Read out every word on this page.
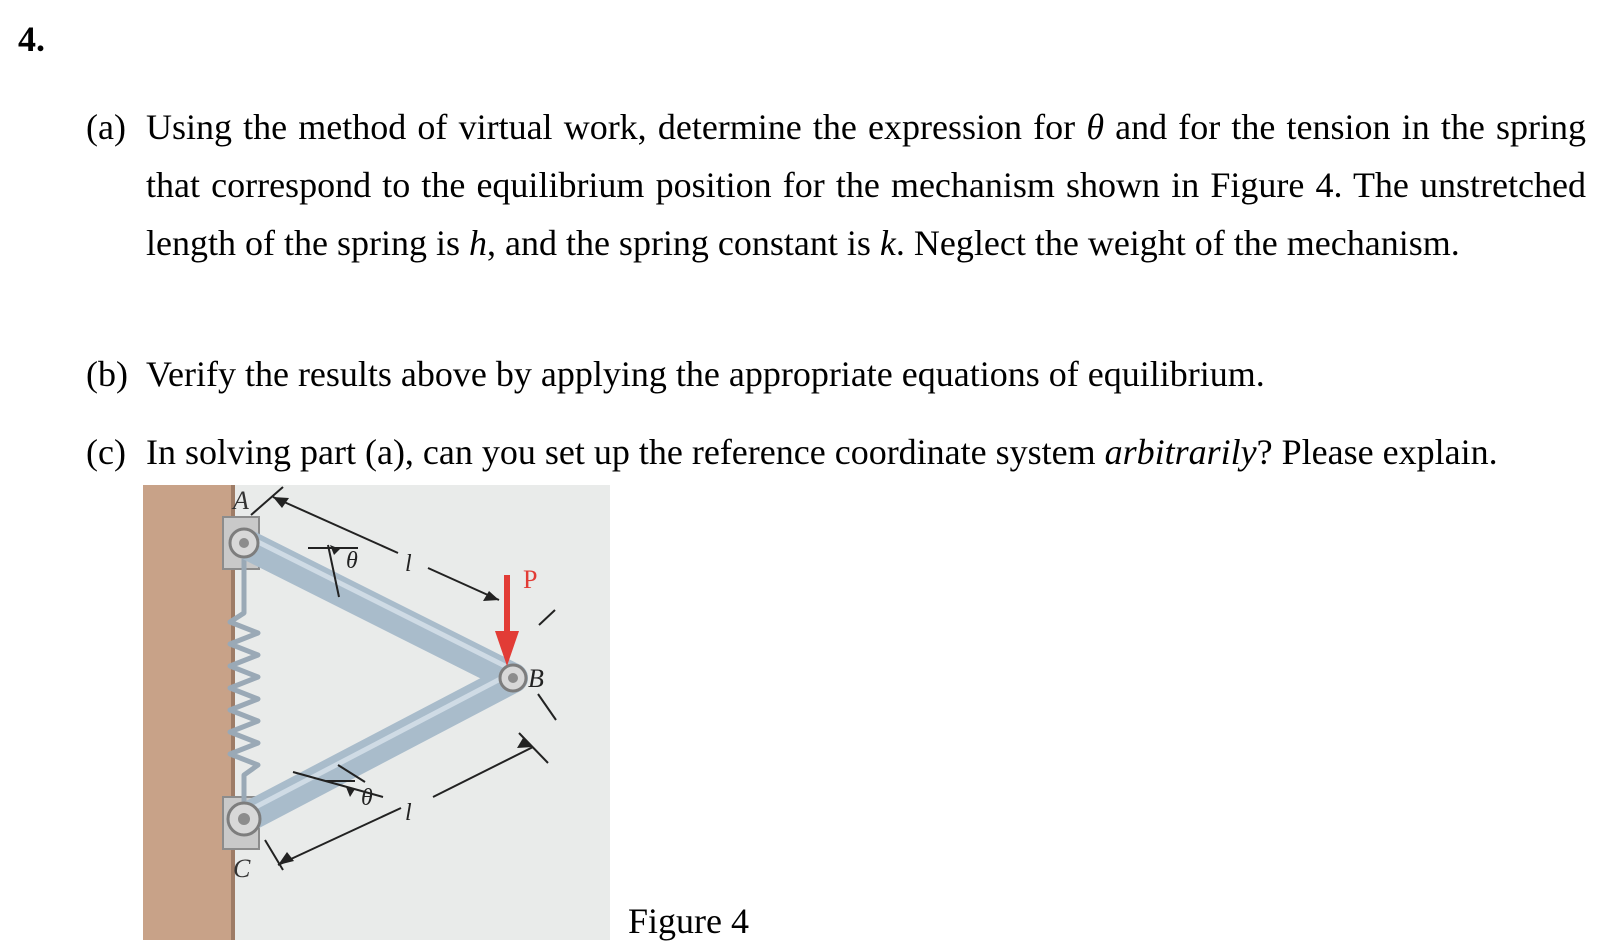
4.
(a) Using the method of virtual work, determine the expression for θ and for the tension in the spring that correspond to the equilibrium position for the mechanism shown in Figure 4. The unstretched length of the spring is h, and the spring constant is k. Neglect the weight of the mechanism.
(b) Verify the results above by applying the appropriate equations of equilibrium.
(c) In solving part (a), can you set up the reference coordinate system arbitrarily? Please explain.
l
l
θ
θ
P
A
B
C
Figure 4
